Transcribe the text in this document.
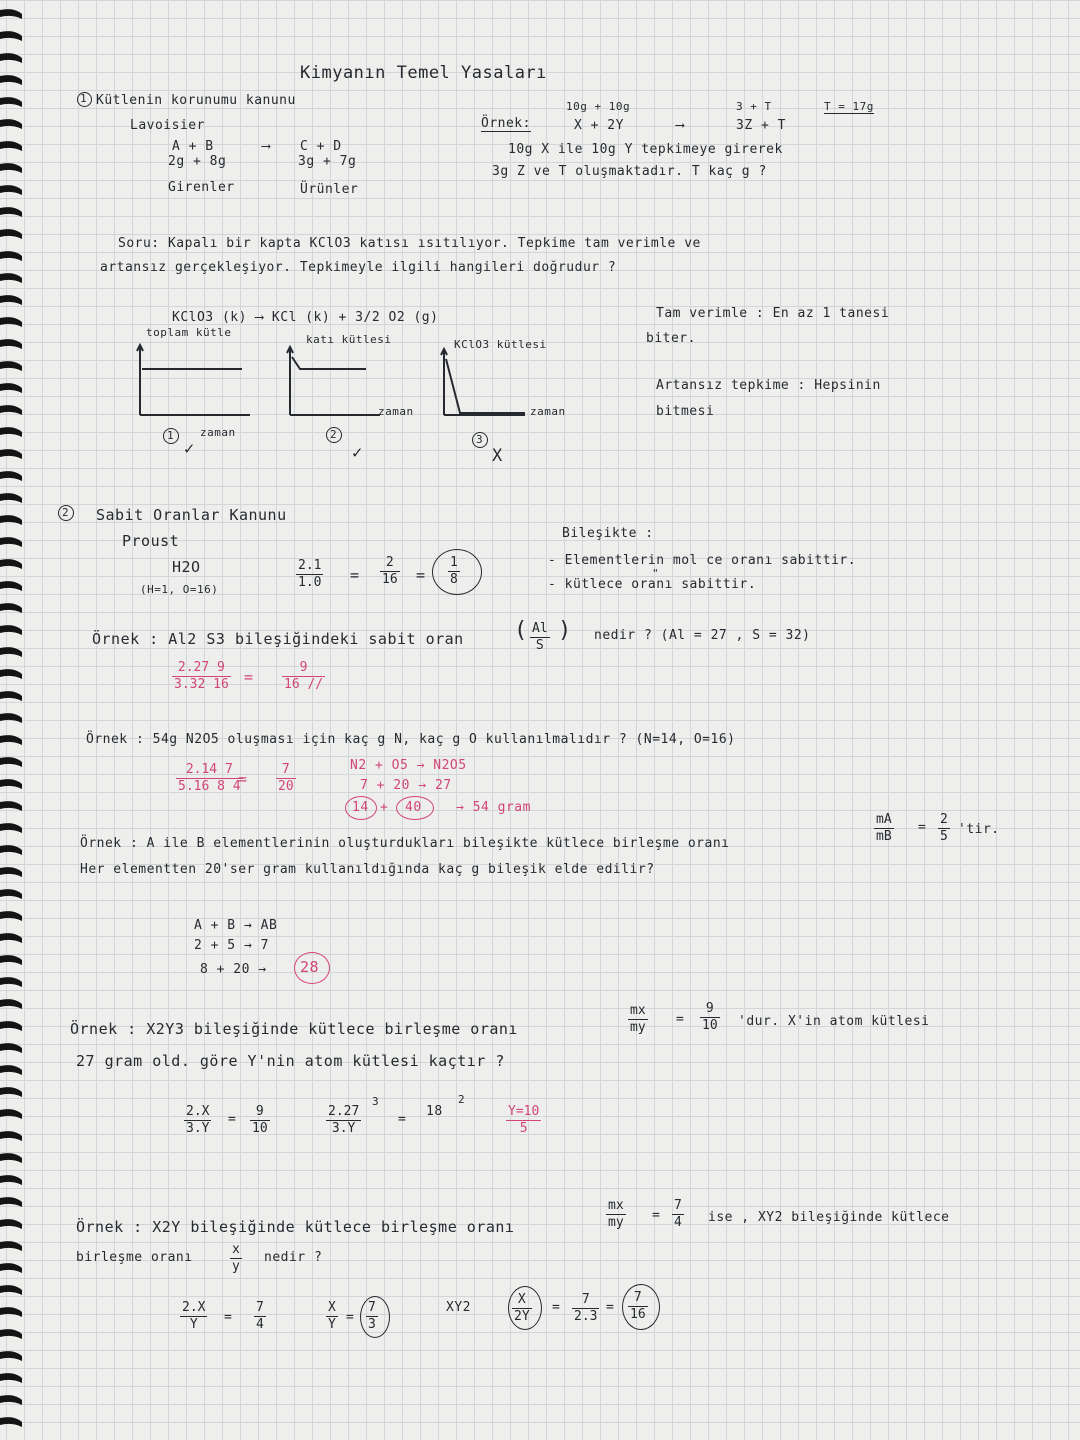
Kimyanın Temel Yasaları
1 Kütlenin korunumu kanunu
Lavoisier
A + B	⟶ C + D
2g + 8g	3g + 7g
Girenler	Ürünler
Örnek:
10g + 10g
X + 2Y	⟶
3 + T
3Z + T
T = 17g
10g X ile 10g Y tepkimeye girerek
3g Z ve T oluşmaktadır. T kaç g ?
Soru: Kapalı bir kapta KClO3 katısı ısıtılıyor. Tepkime tam verimle ve
artansız gerçekleşiyor. Tepkimeyle ilgili hangileri doğrudur ?
KClO3 (k) ⟶ KCl (k) + 3/2 O2 (g)
toplam kütle
katı kütlesi	KClO3 kütlesi
zaman
zaman	zaman
1
✓
2
✓
3
X
Tam verimle : En az 1 tanesi
biter.
Artansız tepkime : Hepsinin
bitmesi
2 Sabit Oranlar Kanunu
Proust
H2O
(H=1, O=16)	$\frac{2.1}{1.0} = \frac{2}{16} = \frac{1}{8}$
Bileşikte :
- Elementlerin mol ce oranı sabittir.
- kütlece oranı sabittir.
"
Örnek : Al2 S3 bileşiğindeki sabit oran ( $\frac{Al}{S}$ ) nedir ? (Al = 27 , S = 32)
$\frac{2.27 9}{3.32 16} = \frac{9}{16 //}$
Örnek : 54g N2O5 oluşması için kaç g N, kaç g O kullanılmalıdır ? (N=14, O=16)
$\frac{2.14 7}{5.16 8 4}$
= $\frac{7}{20}$	N2 + O5 → N2O5
7 + 20 → 27
14 + 40	→ 54 gram
Örnek : A ile B elementlerinin oluşturdukları bileşikte kütlece birleşme oranı	$\frac{mA}{mB} = \frac{2}{5}$ 'tir.
Her elementten 20'ser gram kullanıldığında kaç g bileşik elde edilir?
A + B → AB
2 + 5 → 7
8 + 20 → 28
Örnek : X2Y3 bileşiğinde kütlece birleşme oranı	$\frac{mx}{my} = \frac{9}{10}$ 'dur. X'in atom kütlesi
27 gram old. göre Y'nin atom kütlesi kaçtır ?
$\frac{2.X}{3.Y} = \frac{9}{10}$	$\frac{2.27}{3.Y}$
3
=
18
2
$\frac{Y=10}{5}$
Örnek : X2Y bileşiğinde kütlece birleşme oranı	$\frac{mx}{my} = \frac{7}{4}$ ise , XY2 bileşiğinde kütlece
birleşme oranı	$\frac{x}{y}$ nedir ?
$\frac{2.X}{Y} = \frac{7}{4}$	$\frac{X}{Y} = \frac{7}{3}$	XY2	$\frac{X}{2Y} = \frac{7}{2.3} = \frac{7}{16}$
